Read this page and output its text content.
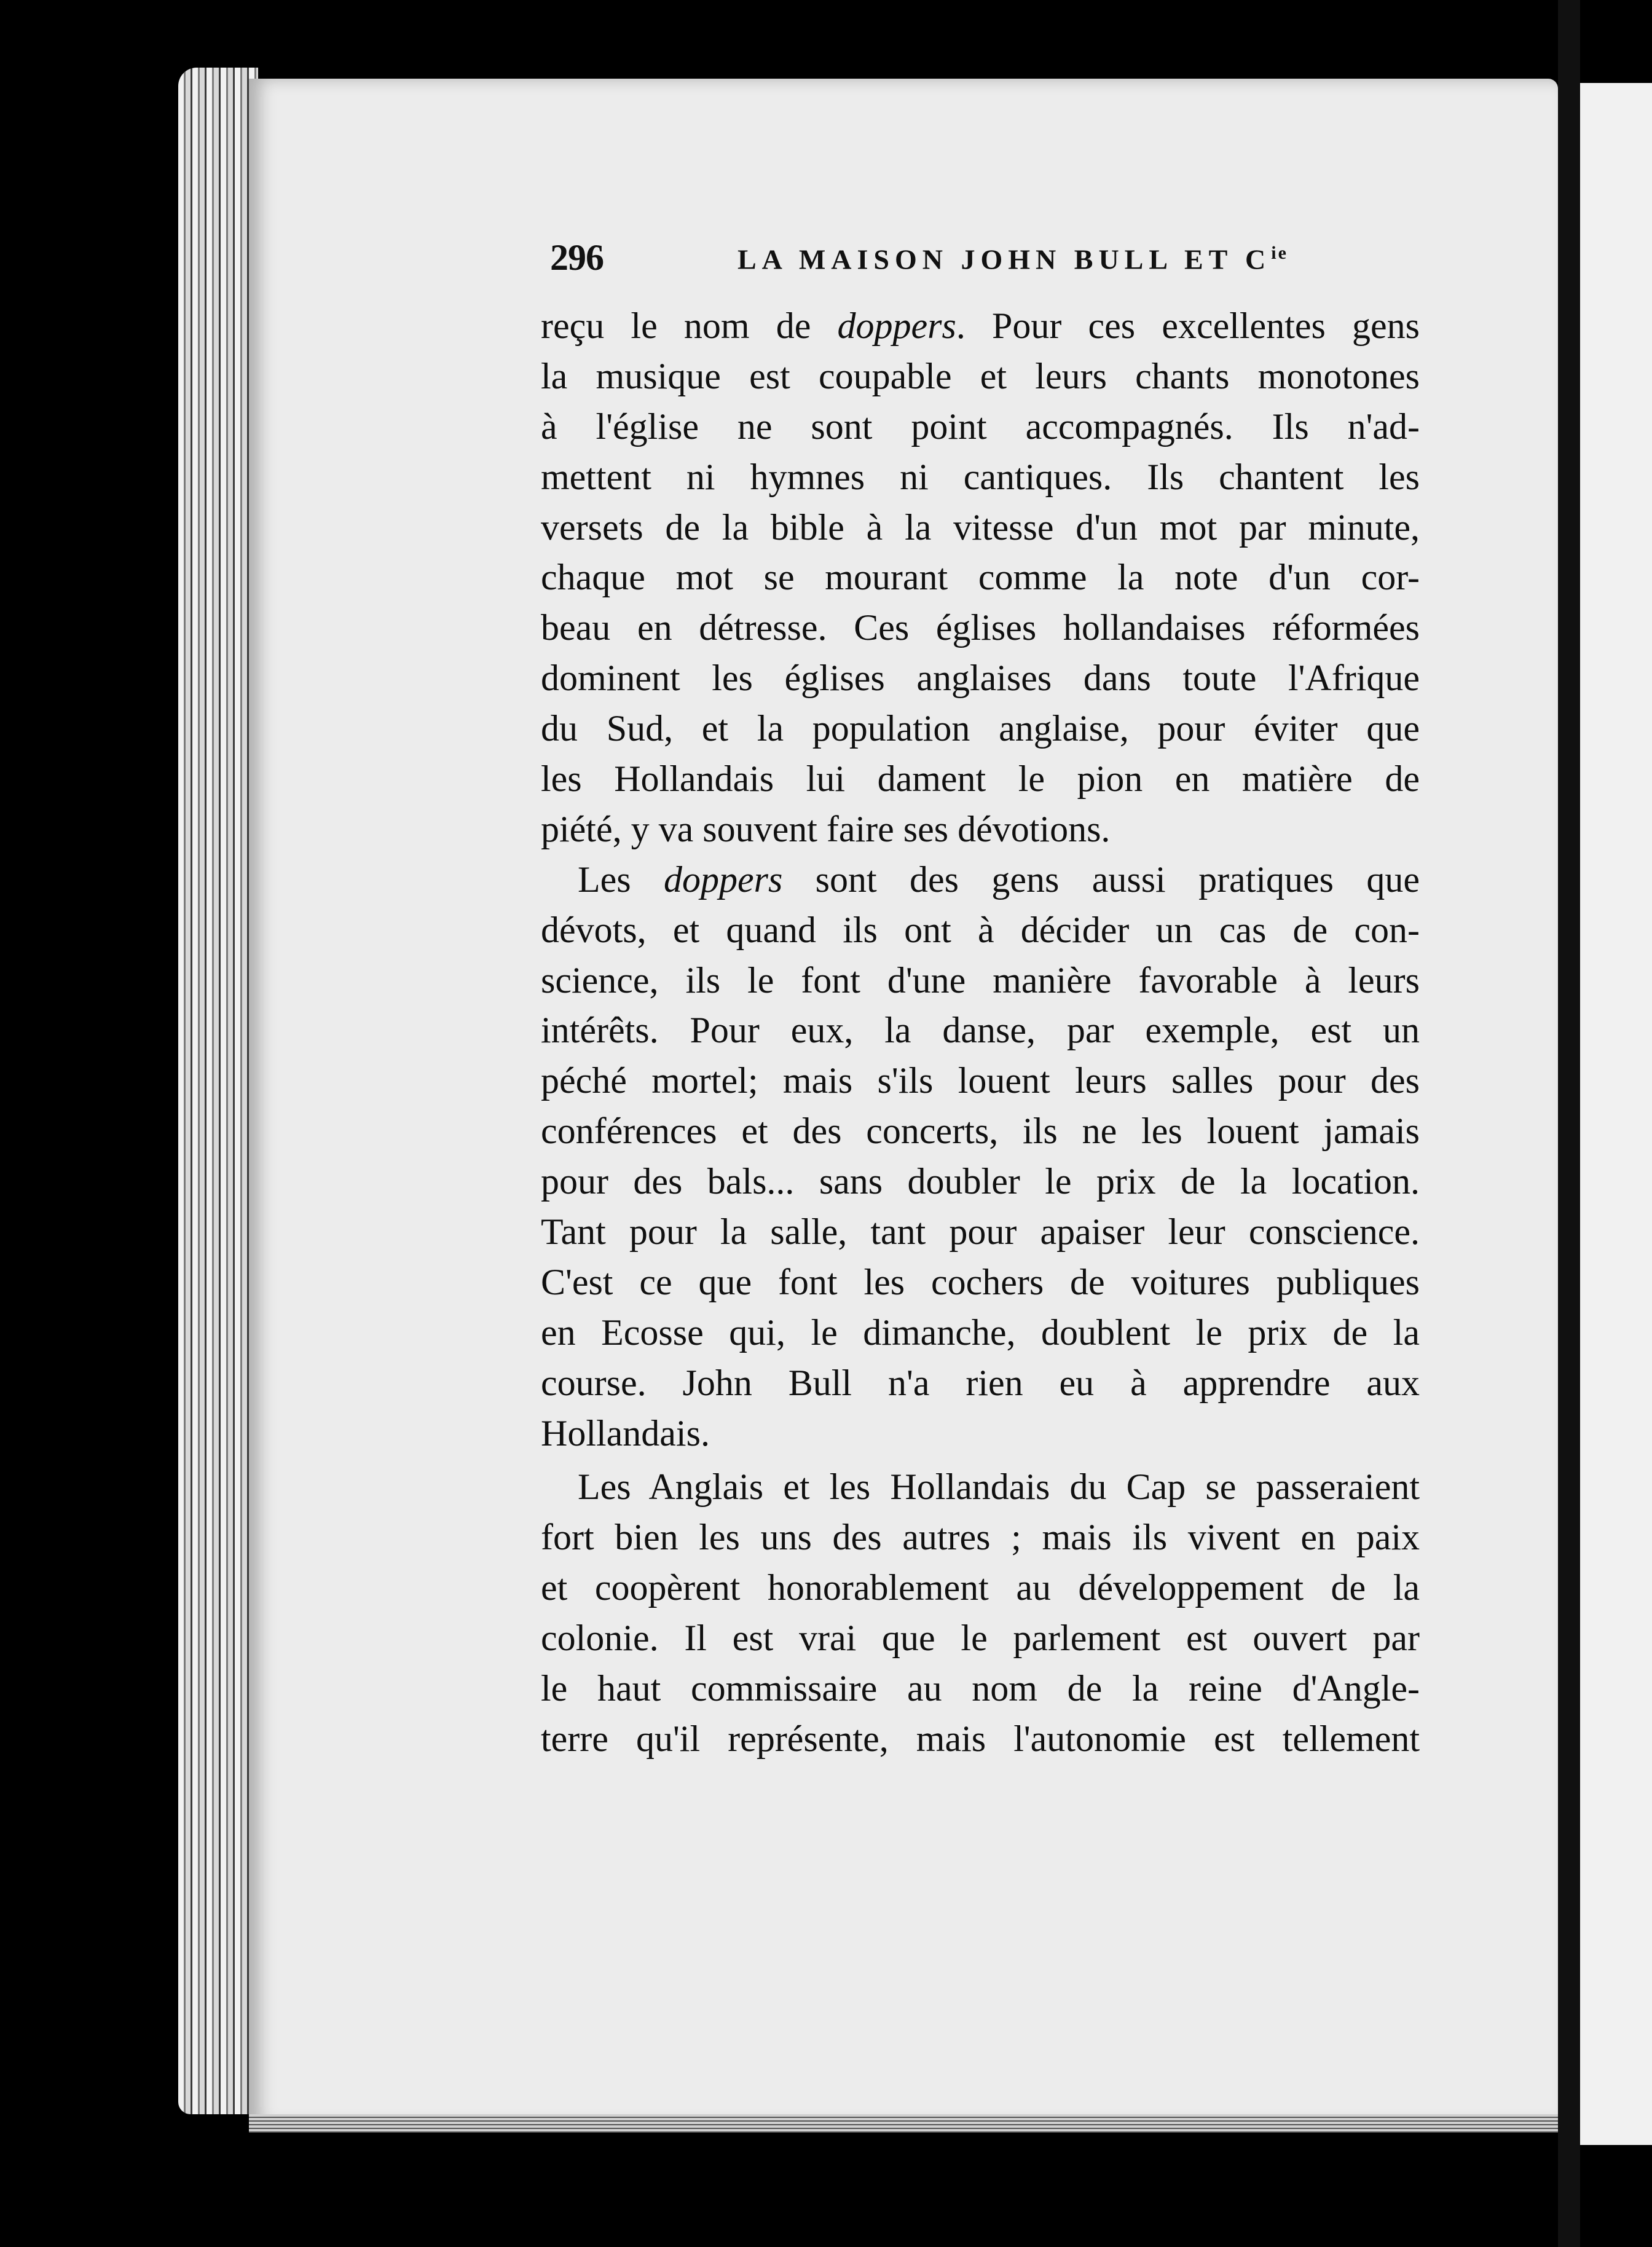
296	LA MAISON JOHN BULL ET $C^{ie}$
reçu le nom de doppers. Pour ces excellentes gens
la musique est coupable et leurs chants monotones
à l'église ne sont point accompagnés. Ils n'ad-
mettent ni hymnes ni cantiques. Ils chantent les
versets de la bible à la vitesse d'un mot par minute,
chaque mot se mourant comme la note d'un cor-
beau en détresse. Ces églises hollandaises réformées
dominent les églises anglaises dans toute l'Afrique
du Sud, et la population anglaise, pour éviter que
les Hollandais lui dament le pion en matière de
piété, y va souvent faire ses dévotions.
Les doppers sont des gens aussi pratiques que
dévots, et quand ils ont à décider un cas de con-
science, ils le font d'une manière favorable à leurs
intérêts. Pour eux, la danse, par exemple, est un
péché mortel; mais s'ils louent leurs salles pour des
conférences et des concerts, ils ne les louent jamais
pour des bals... sans doubler le prix de la location.
Tant pour la salle, tant pour apaiser leur conscience.
C'est ce que font les cochers de voitures publiques
en Ecosse qui, le dimanche, doublent le prix de la
course. John Bull n'a rien eu à apprendre aux
Hollandais.
Les Anglais et les Hollandais du Cap se passeraient
fort bien les uns des autres ; mais ils vivent en paix
et coopèrent honorablement au développement de la
colonie. Il est vrai que le parlement est ouvert par
le haut commissaire au nom de la reine d'Angle-
terre qu'il représente, mais l'autonomie est tellement
